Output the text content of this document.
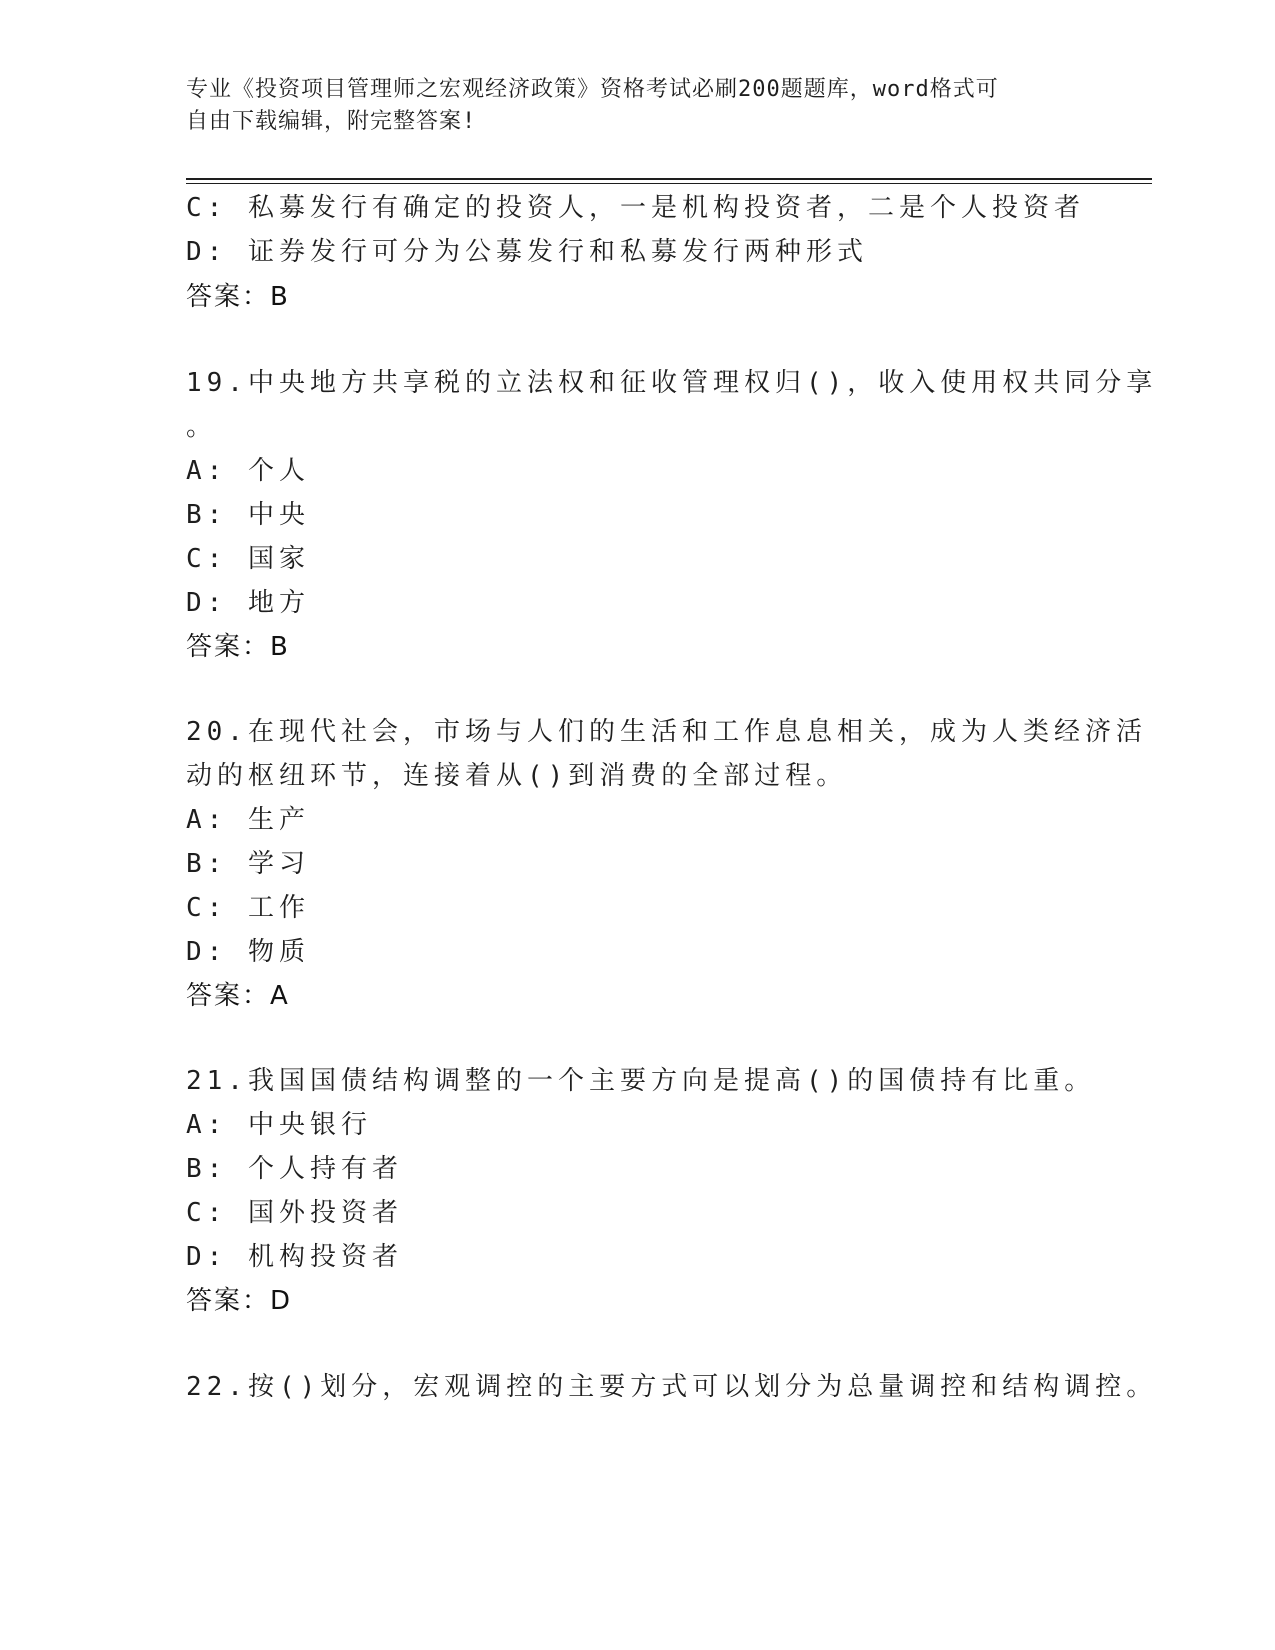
专业《投资项目管理师之宏观经济政策》资格考试必刷200题题库，word格式可
自由下载编辑，附完整答案!
C: 私募发行有确定的投资人，一是机构投资者，二是个人投资者
D: 证券发行可分为公募发行和私募发行两种形式
答案：B
19.中央地方共享税的立法权和征收管理权归()，收入使用权共同分享
。
A: 个人
B: 中央
C: 国家
D: 地方
答案：B
20.在现代社会，市场与人们的生活和工作息息相关，成为人类经济活
动的枢纽环节，连接着从()到消费的全部过程。
A: 生产
B: 学习
C: 工作
D: 物质
答案：A
21.我国国债结构调整的一个主要方向是提高()的国债持有比重。
A: 中央银行
B: 个人持有者
C: 国外投资者
D: 机构投资者
答案：D
22.按()划分，宏观调控的主要方式可以划分为总量调控和结构调控。
